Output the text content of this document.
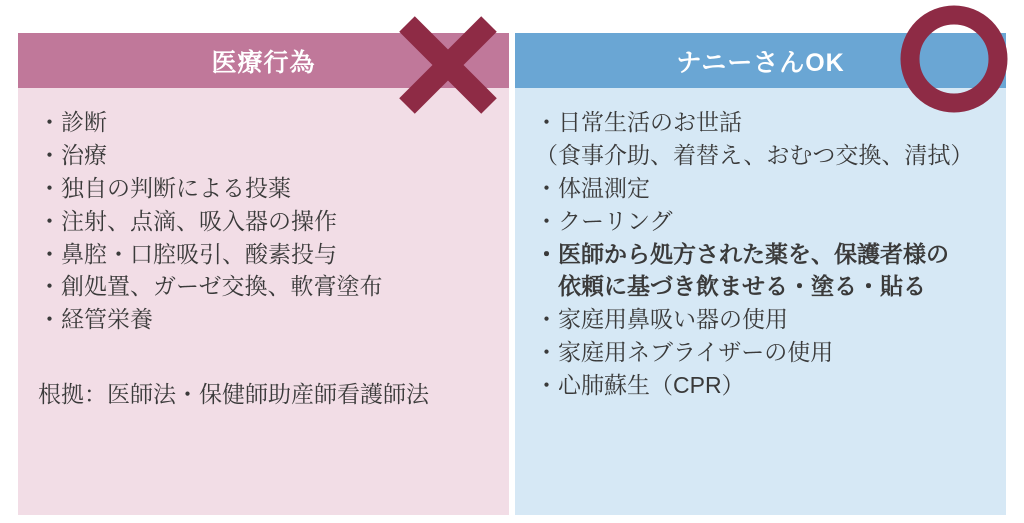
医療行為
・診断
・治療
・独自の判断による投薬
・注射、点滴、吸入器の操作
・鼻腔・口腔吸引、酸素投与
・創処置、ガーゼ交換、軟膏塗布
・経管栄養
根拠：医師法・保健師助産師看護師法
ナニーさんOK
・日常生活のお世話
（食事介助、着替え、おむつ交換、清拭）
・体温測定
・クーリング
・医師から処方された薬を、保護者様の
　依頼に基づき飲ませる・塗る・貼る
・家庭用鼻吸い器の使用
・家庭用ネブライザーの使用
・心肺蘇生（CPR）
